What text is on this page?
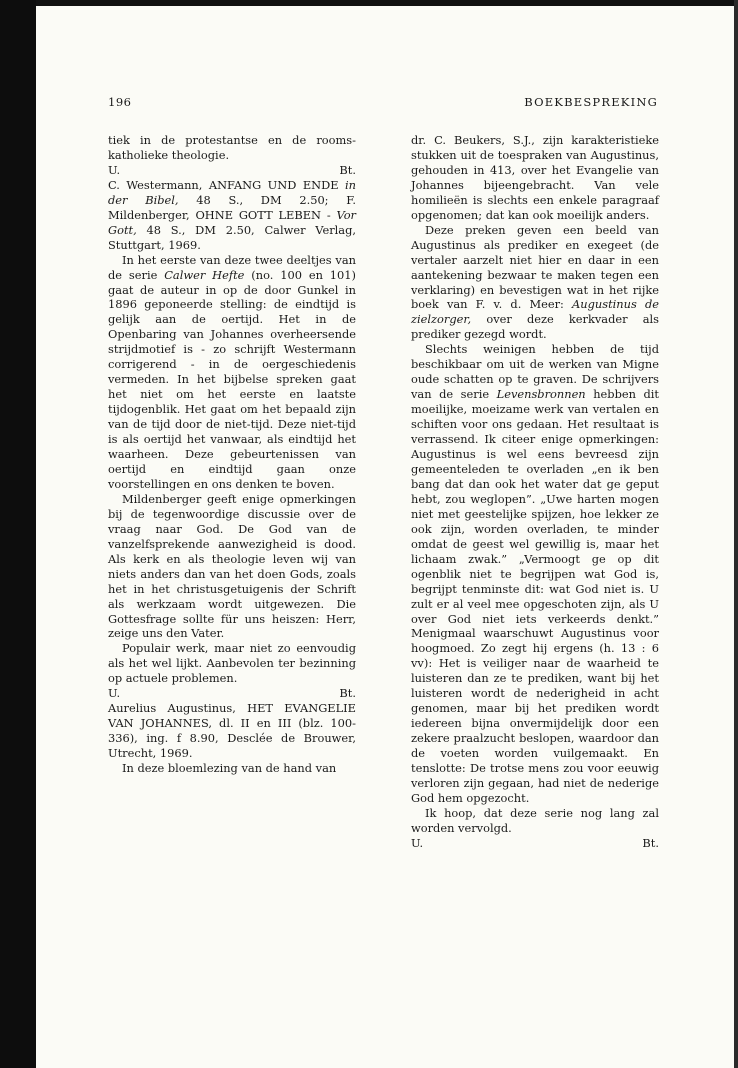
196	BOEKBESPREKING

tiek in de protestantse en de rooms-katholieke theologie.

U.	Bt.

C. Westermann, ANFANG UND ENDE in der Bibel, 48 S., DM 2.50; F. Mildenberger, OHNE GOTT LEBEN - Vor Gott, 48 S., DM 2.50, Calwer Verlag, Stuttgart, 1969.

In het eerste van deze twee deeltjes van de serie Calwer Hefte (no. 100 en 101) gaat de auteur in op de door Gunkel in 1896 geponeerde stelling: de eindtijd is gelijk aan de oertijd. Het in de Openbaring van Johannes overheersende strijdmotief is - zo schrijft Westermann corrigerend - in de oergeschiedenis vermeden. In het bijbelse spreken gaat het niet om het eerste en laatste tijdogenblik. Het gaat om het bepaald zijn van de tijd door de niet-tijd. Deze niet-tijd is als oertijd het vanwaar, als eindtijd het waarheen. Deze gebeurtenissen van oertijd en eindtijd gaan onze voorstellingen en ons denken te boven.

Mildenberger geeft enige opmerkingen bij de tegenwoordige discussie over de vraag naar God. De God van de vanzelfsprekende aanwezigheid is dood. Als kerk en als theologie leven wij van niets anders dan van het doen Gods, zoals het in het christusgetuigenis der Schrift als werkzaam wordt uitgewezen. Die Gottesfrage sollte für uns heiszen: Herr, zeige uns den Vater.

Populair werk, maar niet zo eenvoudig als het wel lijkt. Aanbevolen ter bezinning op actuele problemen.

U.	Bt.

Aurelius Augustinus, HET EVANGELIE VAN JOHANNES, dl. II en III (blz. 100-336), ing. f 8.90, Desclée de Brouwer, Utrecht, 1969.

In deze bloemlezing van de hand van

dr. C. Beukers, S.J., zijn karakteristieke stukken uit de toespraken van Augustinus, gehouden in 413, over het Evangelie van Johannes bijeengebracht. Van vele homilieën is slechts een enkele paragraaf opgenomen; dat kan ook moeilijk anders.

Deze preken geven een beeld van Augustinus als prediker en exegeet (de vertaler aarzelt niet hier en daar in een aantekening bezwaar te maken tegen een verklaring) en bevestigen wat in het rijke boek van F. v. d. Meer: Augustinus de zielzorger, over deze kerkvader als prediker gezegd wordt.

Slechts weinigen hebben de tijd beschikbaar om uit de werken van Migne oude schatten op te graven. De schrijvers van de serie Levensbronnen hebben dit moeilijke, moeizame werk van vertalen en schiften voor ons gedaan. Het resultaat is verrassend. Ik citeer enige opmerkingen: Augustinus is wel eens bevreesd zijn gemeenteleden te overladen „en ik ben bang dat dan ook het water dat ge geput hebt, zou weglopen”. „Uwe harten mogen niet met geestelijke spijzen, hoe lekker ze ook zijn, worden overladen, te minder omdat de geest wel gewillig is, maar het lichaam zwak.” „Vermoogt ge op dit ogenblik niet te begrijpen wat God is, begrijpt tenminste dit: wat God niet is. U zult er al veel mee opgeschoten zijn, als U over God niet iets verkeerds denkt.” Menigmaal waarschuwt Augustinus voor hoogmoed. Zo zegt hij ergens (h. 13 : 6 vv): Het is veiliger naar de waarheid te luisteren dan ze te prediken, want bij het luisteren wordt de nederigheid in acht genomen, maar bij het prediken wordt iedereen bijna onvermijdelijk door een zekere praalzucht beslopen, waardoor dan de voeten worden vuilgemaakt. En tenslotte: De trotse mens zou voor eeuwig verloren zijn gegaan, had niet de nederige God hem opgezocht.

Ik hoop, dat deze serie nog lang zal worden vervolgd.

U.	Bt.
